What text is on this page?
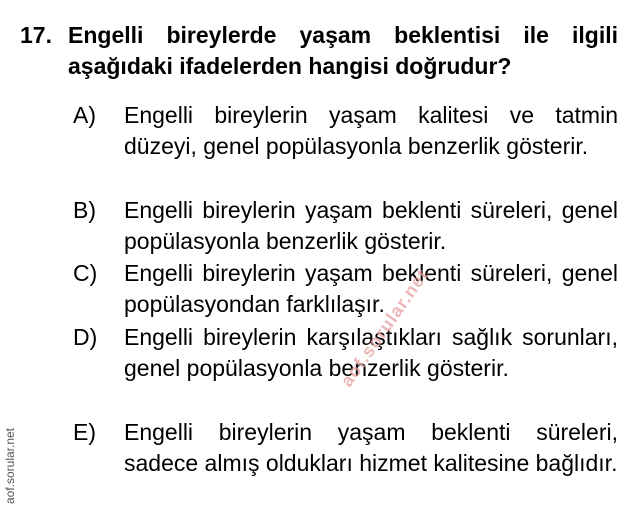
17. Engelli bireylerde yaşam beklentisi ile ilgili aşağıdaki ifadelerden hangisi doğrudur?
A) Engelli bireylerin yaşam kalitesi ve tatmin düzeyi, genel popülasyonla benzerlik gösterir.
B) Engelli bireylerin yaşam beklenti süreleri, genel popülasyonla benzerlik gösterir.
C) Engelli bireylerin yaşam beklenti süreleri, genel popülasyondan farklılaşır.
D) Engelli bireylerin karşılaştıkları sağlık sorunları, genel popülasyonla benzerlik gösterir.
E) Engelli bireylerin yaşam beklenti süreleri, sadece almış oldukları hizmet kalitesine bağlıdır.
aof.sorular.net
aof.sorular.net
